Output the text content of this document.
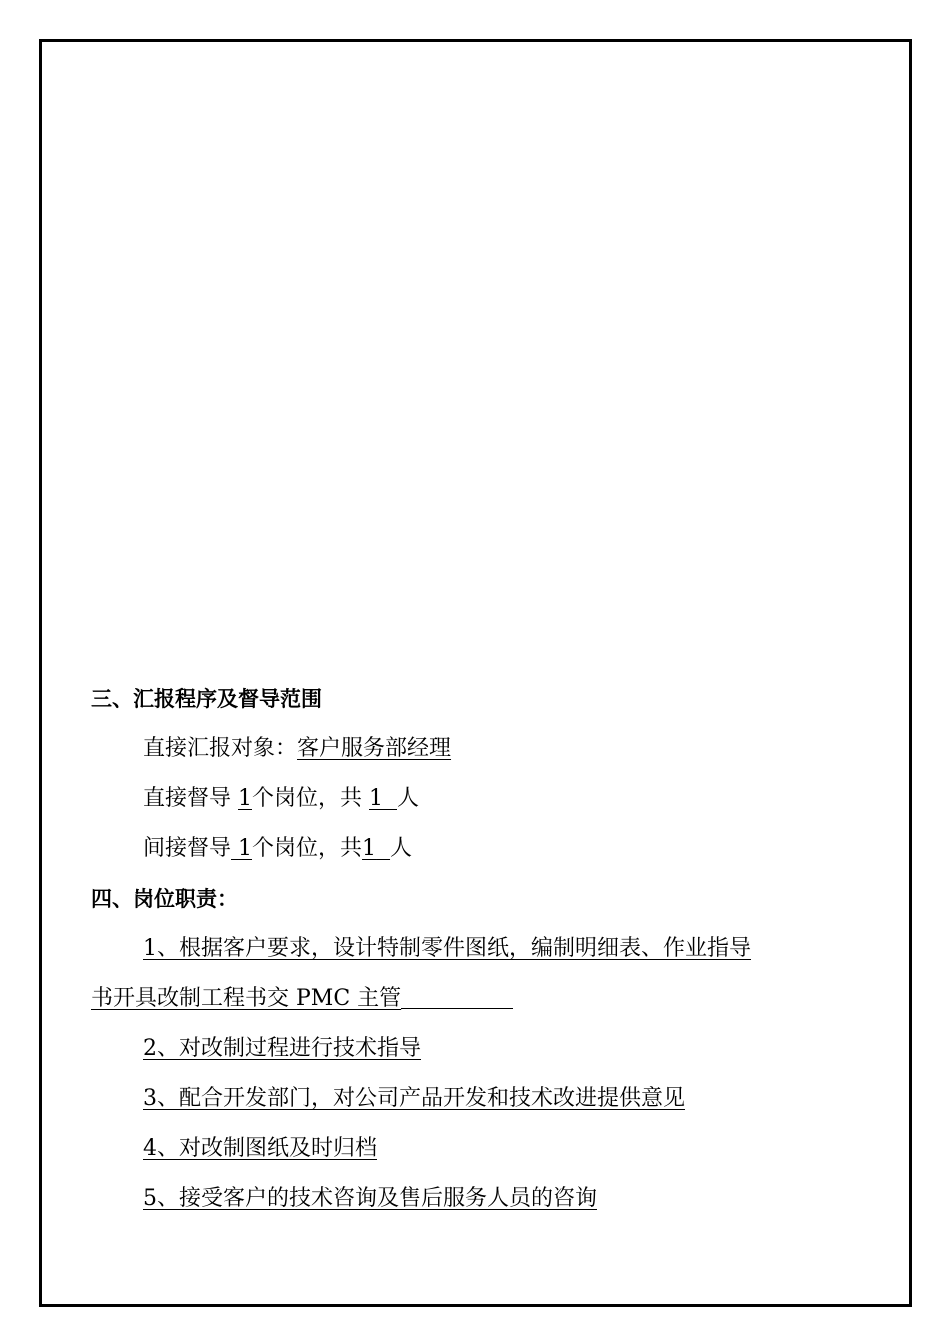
三、汇报程序及督导范围
直接汇报对象：客户服务部经理
直接督导 1个岗位，共 1 人
间接督导 1个岗位，共1 人
四、岗位职责：
1、根据客户要求，设计特制零件图纸，编制明细表、作业指导
书开具改制工程书交 PMC 主管
2、对改制过程进行技术指导
3、配合开发部门，对公司产品开发和技术改进提供意见
4、对改制图纸及时归档
5、接受客户的技术咨询及售后服务人员的咨询
